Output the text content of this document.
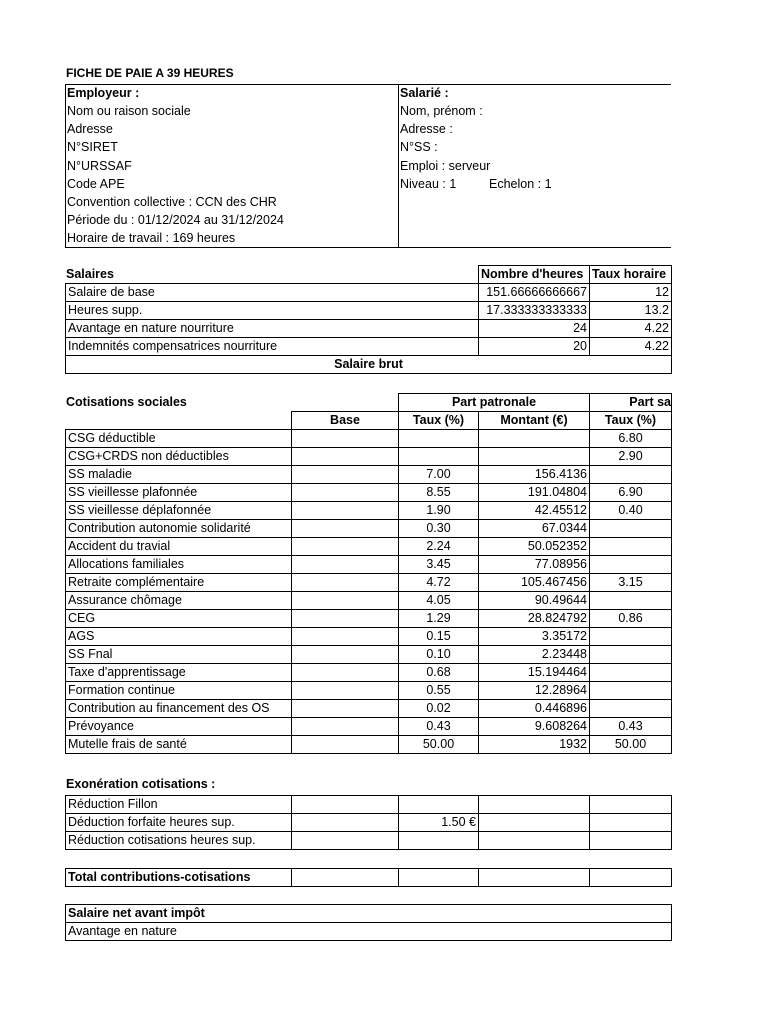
FICHE DE PAIE A 39 HEURES
Employeur :
Nom ou raison sociale
Adresse
N°SIRET
N°URSSAF
Code APE
Convention collective : CCN des CHR
Période du : 01/12/2024 au 31/12/2024
Horaire de travail : 169 heures
Salarié :
Nom, prénom :
Adresse :
N°SS :
Emploi : serveur
Niveau : 1	Echelon : 1
Salaires
		Nombre d'heures	Taux horaire
Salaire de base	151.66666666667	12
Heures supp.	17.333333333333	13.2
Avantage en nature nourriture	24	4.22
Indemnités compensatrices nourriture	20	4.22
Salaire brut		
Cotisations sociales
			Part patronale		Part sa
	Base	Taux (%)	Montant (€)	Taux (%)
CSG déductible				6.80
CSG+CRDS non déductibles				2.90
SS maladie		7.00	156.4136	
SS vieillesse plafonnée		8.55	191.04804	6.90
SS vieillesse déplafonnée		1.90	42.45512	0.40
Contribution autonomie solidarité		0.30	67.0344	
Accident du travial		2.24	50.052352	
Allocations familiales		3.45	77.08956	
Retraite complémentaire		4.72	105.467456	3.15
Assurance chômage		4.05	90.49644	
CEG		1.29	28.824792	0.86
AGS		0.15	3.35172	
SS Fnal		0.10	2.23448	
Taxe d'apprentissage		0.68	15.194464	
Formation continue		0.55	12.28964	
Contribution au financement des OS		0.02	0.446896	
Prévoyance		0.43	9.608264	0.43
Mutelle frais de santé		50.00	1932	50.00
Exonération cotisations :
Réduction Fillon				
Déduction forfaite heures sup.		1.50 €		
Réduction cotisations heures sup.				
Total contributions-cotisations				
Salaire net avant impôt
Avantage en nature
